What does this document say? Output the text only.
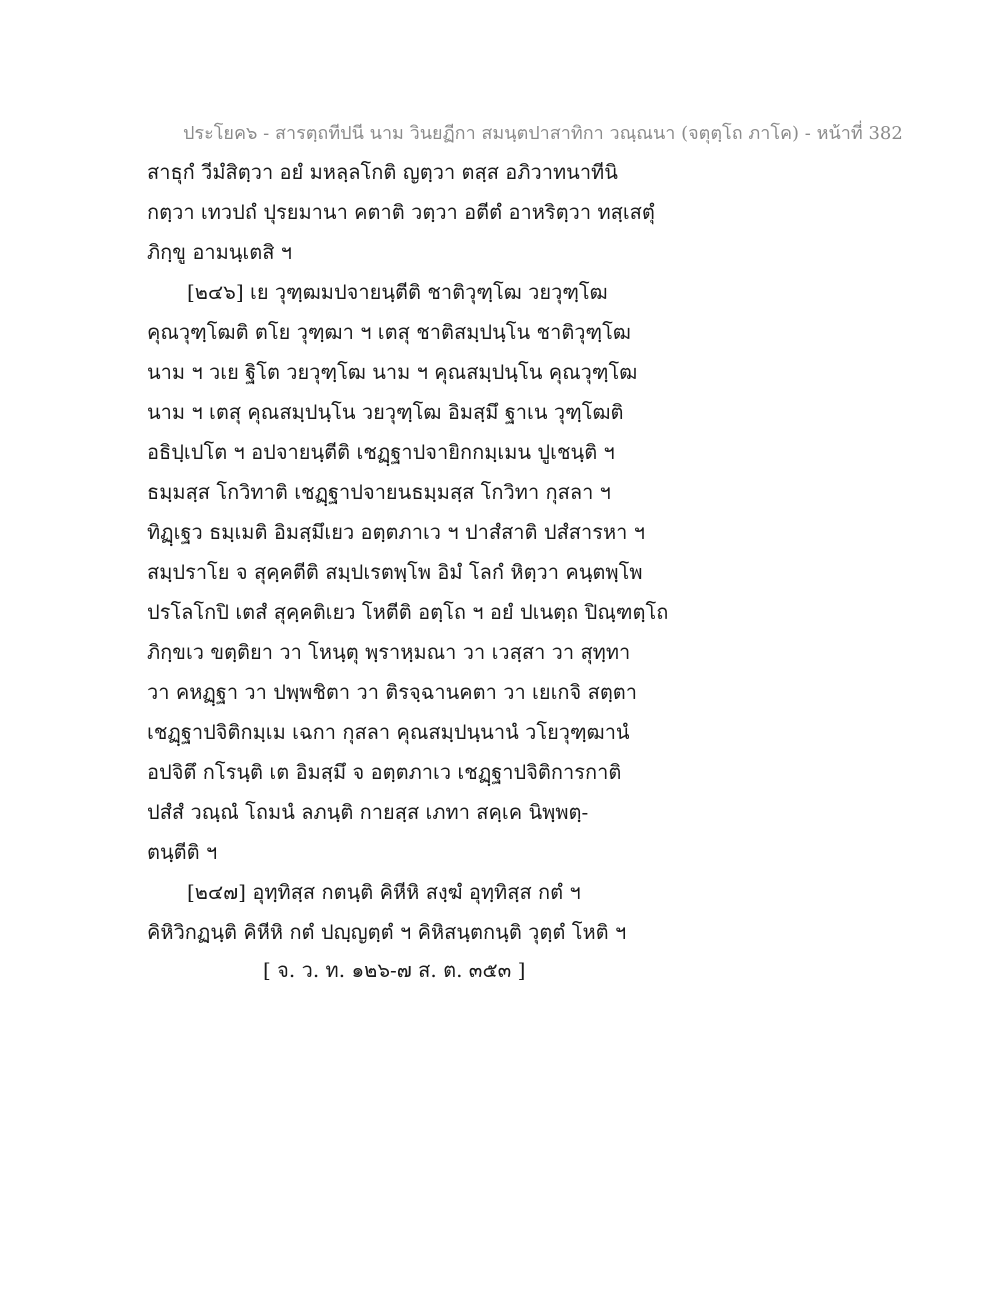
ประโยค๖ - สารตฺถทีปนี นาม วินยฏีกา สมนฺตปาสาทิกา วณฺณนา (จตุตฺโถ ภาโค) - หน้าที่ 382
สาธุกํ วีมํสิตฺวา อยํ มหลฺลโกติ ญตฺวา ตสฺส อภิวาทนาทีนิ
กตฺวา เทวปถํ ปุรยมานา คตาติ วตฺวา อตีตํ อาหริตฺวา ทสฺเสตุํ
ภิกฺขู อามนฺเตสิ ฯ
[๒๔๖] เย วุฑฺฒมปจายนฺตีติ ชาติวุฑฺโฒ วยวุฑฺโฒ
คุณวุฑฺโฒติ ตโย วุฑฺฒา ฯ เตสุ ชาติสมฺปนฺโน ชาติวุฑฺโฒ
นาม ฯ วเย ฐิโต วยวุฑฺโฒ นาม ฯ คุณสมฺปนฺโน คุณวุฑฺโฒ
นาม ฯ เตสุ คุณสมฺปนฺโน วยวุฑฺโฒ อิมสฺมึ ฐาเน วุฑฺโฒติ
อธิปฺเปโต ฯ อปจายนฺตีติ เชฏฺฐาปจายิกกมฺเมน ปูเชนฺติ ฯ
ธมฺมสฺส โกวิทาติ เชฏฺฐาปจายนธมฺมสฺส โกวิทา กุสลา ฯ
ทิฏฺเฐว ธมฺเมติ อิมสฺมึเยว อตฺตภาเว ฯ ปาสํสาติ ปสํสารหา ฯ
สมฺปราโย จ สุคฺคตีติ สมฺปเรตพฺโพ อิมํ โลกํ หิตฺวา คนฺตพฺโพ
ปรโลโกปิ เตสํ สุคฺคติเยว โหตีติ อตฺโถ ฯ อยํ ปเนตฺถ ปิณฺฑตฺโถ
ภิกฺขเว ขตฺติยา วา โหนฺตุ พฺราหฺมณา วา เวสฺสา วา สุทฺทา
วา คหฏฺฐา วา ปพฺพชิตา วา ติรจฺฉานคตา วา เยเกจิ สตฺตา
เชฏฺฐาปจิติกมฺเม เฉกา กุสลา คุณสมฺปนฺนานํ วโยวุฑฺฒานํ
อปจิตึ กโรนฺติ เต อิมสฺมึ จ อตฺตภาเว เชฏฺฐาปจิติการกาติ
ปสํสํ วณฺณํ โถมนํ ลภนฺติ กายสฺส เภทา สคฺเค นิพฺพตฺ-
ตนฺตีติ ฯ
[๒๔๗] อุทฺทิสฺส กตนฺติ คิหีหิ สงฺฆํ อุทฺทิสฺส กตํ ฯ
คิหิวิกฏนฺติ คิหีหิ กตํ ปญฺญตฺตํ ฯ คิหิสนฺตกนฺติ วุตฺตํ โหติ ฯ
[ จ. ว. ท. ๑๒๖-๗ ส. ต. ๓๕๓ ]
